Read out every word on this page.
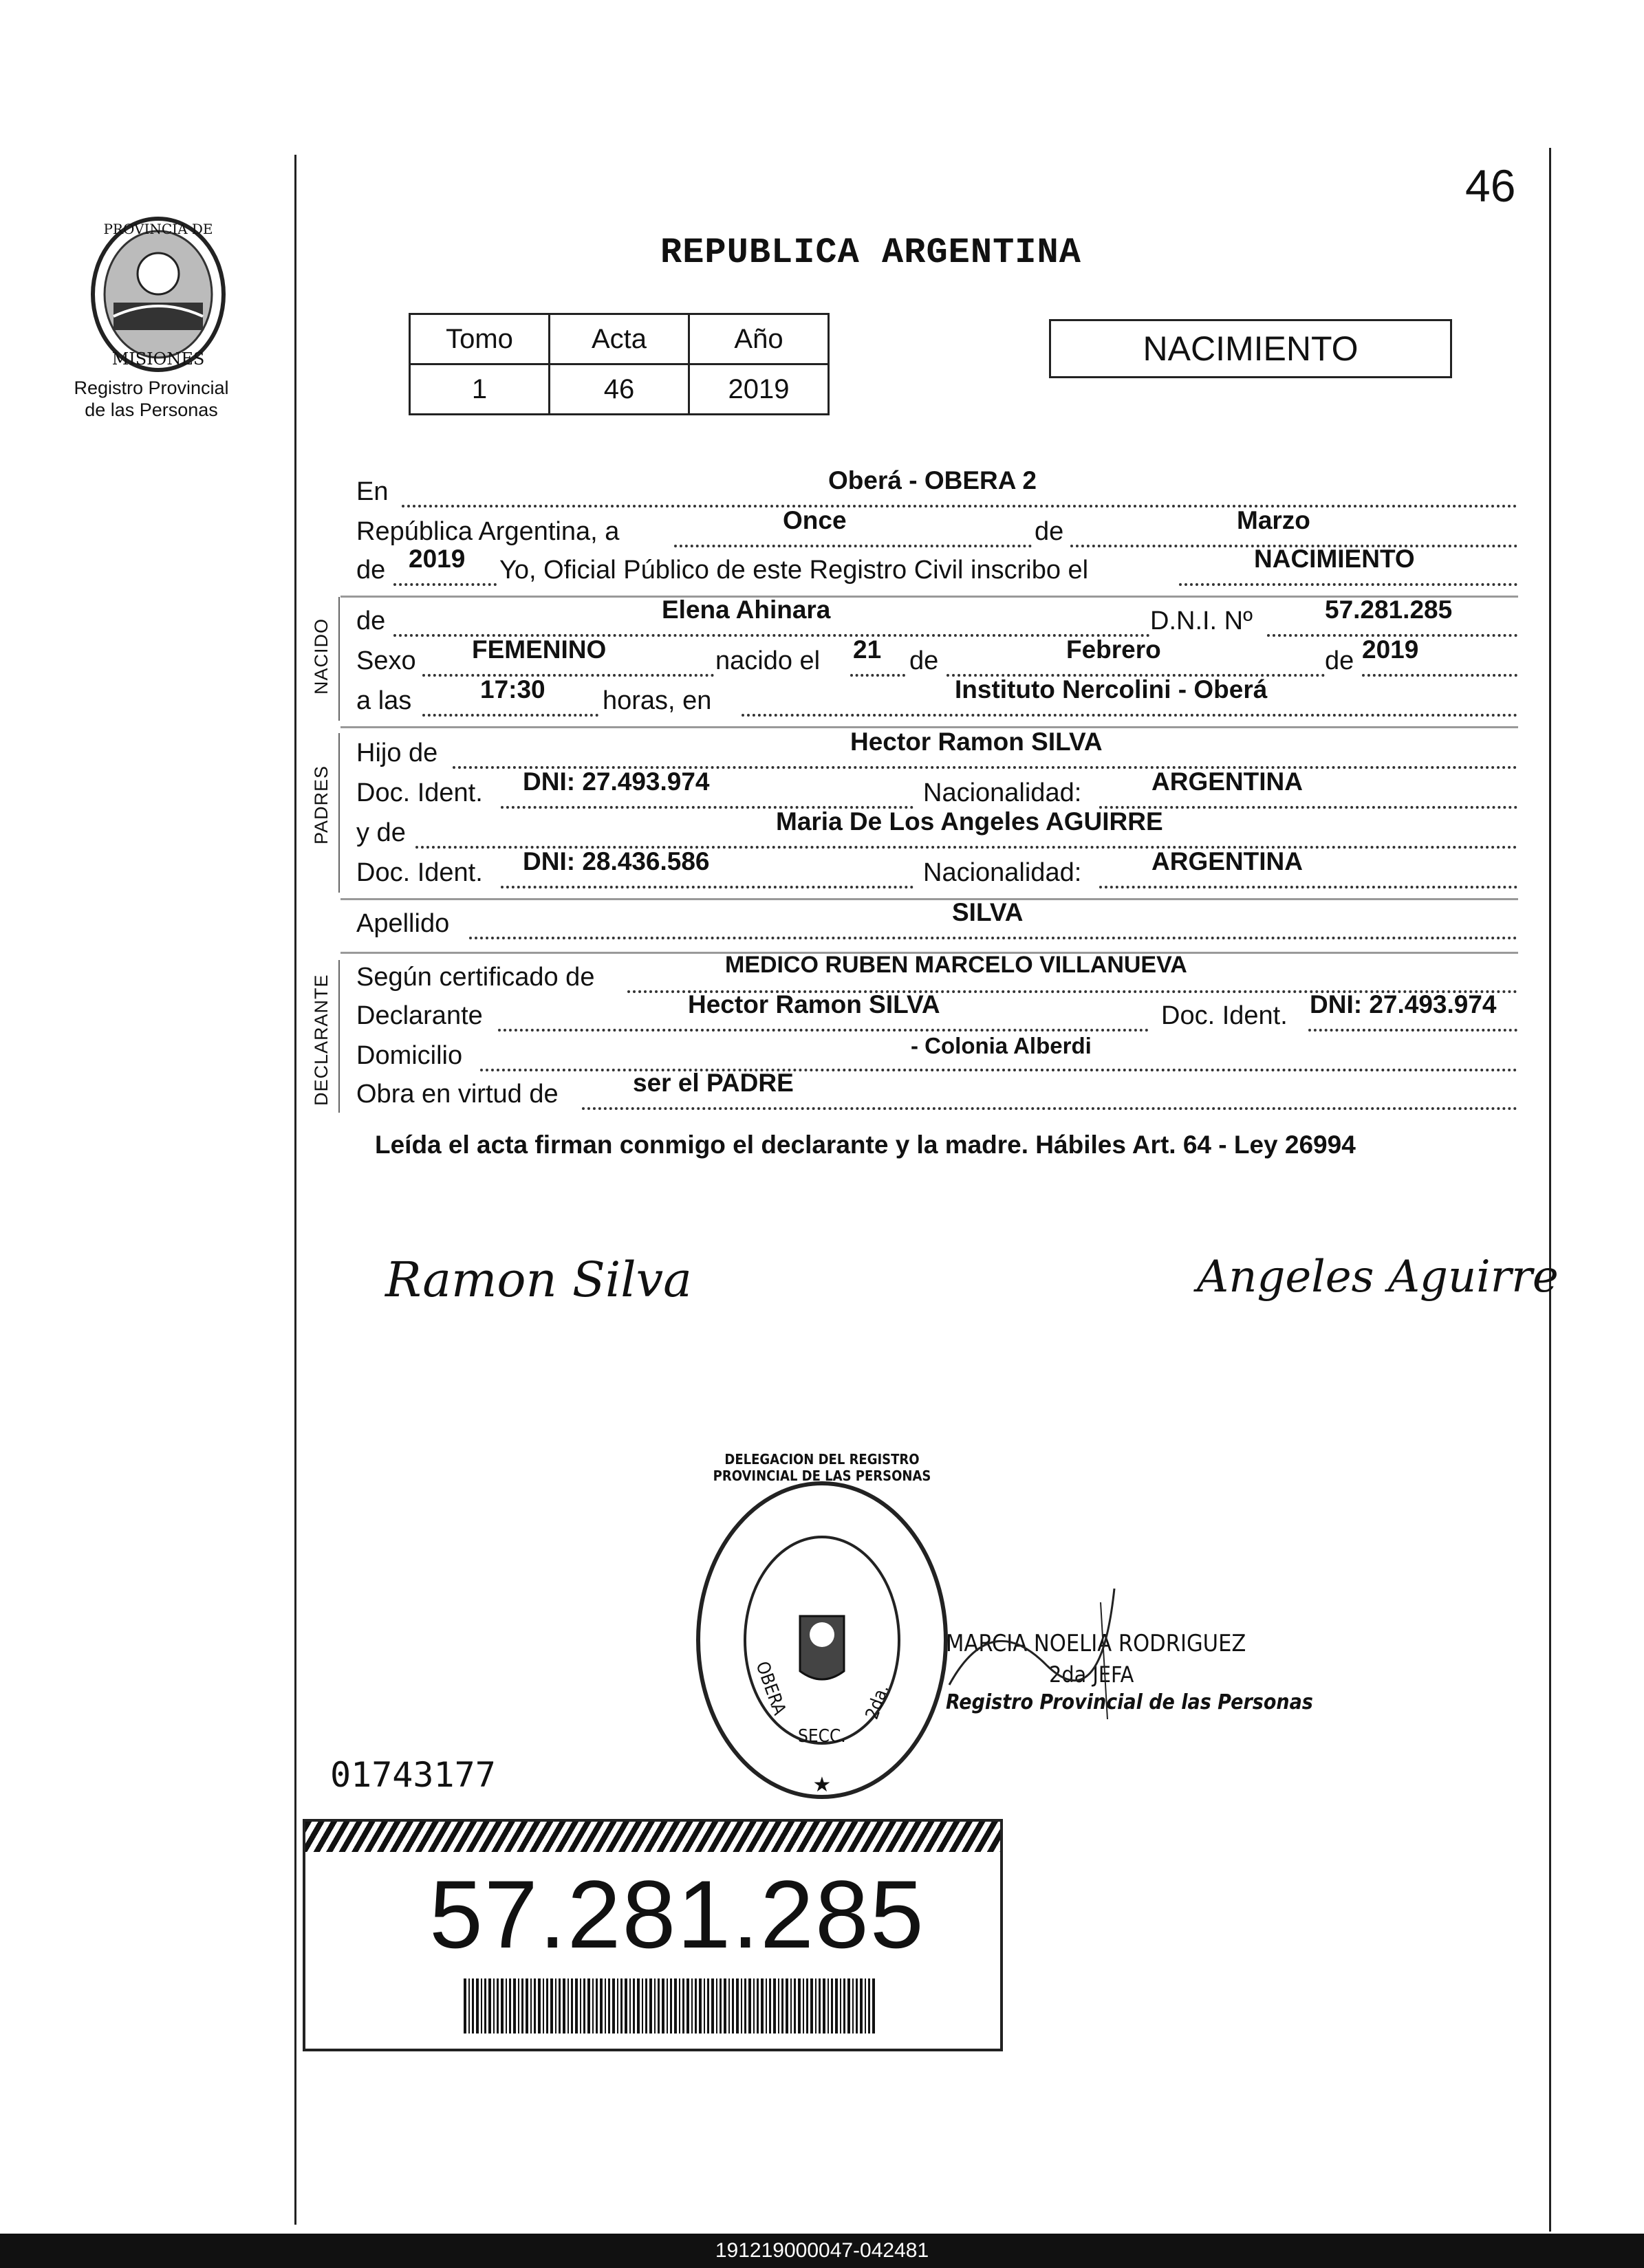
PROVINCIA DE
MISIONES
Registro Provincial
de las Personas
46
REPUBLICA ARGENTINA
Tomo	Acta	Año
1	46	2019
NACIMIENTO
NACIDO
PADRES
DECLARANTE
En	Oberá - OBERA 2
República Argentina, a	Once	de	Marzo
de 2019 Yo, Oficial Público de este Registro Civil inscribo el	NACIMIENTO
de	Elena Ahinara	D.N.I. Nº	57.281.285
Sexo FEMENINO	nacido el 21 de	Febrero	de 2019
a las	17:30 horas, en	Instituto Nercolini - Oberá
Hijo de	Hector Ramon SILVA
Doc. Ident. DNI: 27.493.974	Nacionalidad:	ARGENTINA
y de	Maria De Los Angeles AGUIRRE
Doc. Ident. DNI: 28.436.586	Nacionalidad:	ARGENTINA
Apellido	SILVA
Según certificado de	MEDICO RUBEN MARCELO VILLANUEVA
Declarante	Hector Ramon SILVA	Doc. Ident. DNI: 27.493.974
Domicilio	- Colonia Alberdi
Obra en virtud de	ser el PADRE
Leída el acta firman conmigo el declarante y la madre. Hábiles Art. 64 - Ley 26994
Ramon Silva	Angeles Aguirre
★
DELEGACION DEL REGISTRO PROVINCIAL DE LAS PERSONAS
OBERA
SECC.
2da.
MARCIA NOELIA RODRIGUEZ
2da JEFA
Registro Provincial de las Personas
01743177
57.281.285
191219000047-042481
